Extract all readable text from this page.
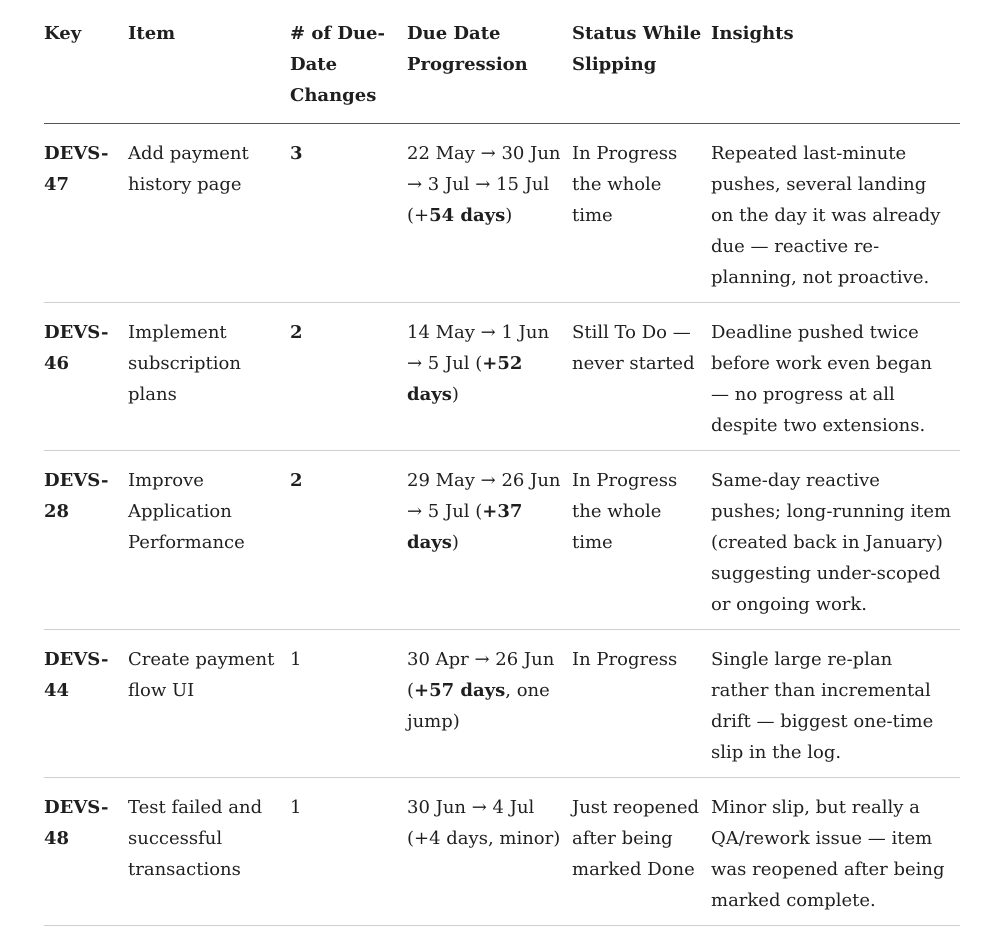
Key	Item	# of Due-Date Changes	Due Date Progression	Status While Slipping	Insights
DEVS-47	Add payment history page	3	22 May → 30 Jun → 3 Jul → 15 Jul (+54 days)	In Progress the whole time	Repeated last-minute pushes, several landing on the day it was already due — reactive re-planning, not proactive.
DEVS-46	Implement subscription plans	2	14 May → 1 Jun → 5 Jul (+52 days)	Still To Do — never started	Deadline pushed twice before work even began — no progress at all despite two extensions.
DEVS-28	Improve Application Performance	2	29 May → 26 Jun → 5 Jul (+37 days)	In Progress the whole time	Same-day reactive pushes; long-running item (created back in January) suggesting under-scoped or ongoing work.
DEVS-44	Create payment flow UI	1	30 Apr → 26 Jun (+57 days, one jump)	In Progress	Single large re-plan rather than incremental drift — biggest one-time slip in the log.
DEVS-48	Test failed and successful transactions	1	30 Jun → 4 Jul (+4 days, minor)	Just reopened after being marked Done	Minor slip, but really a QA/rework issue — item was reopened after being marked complete.
